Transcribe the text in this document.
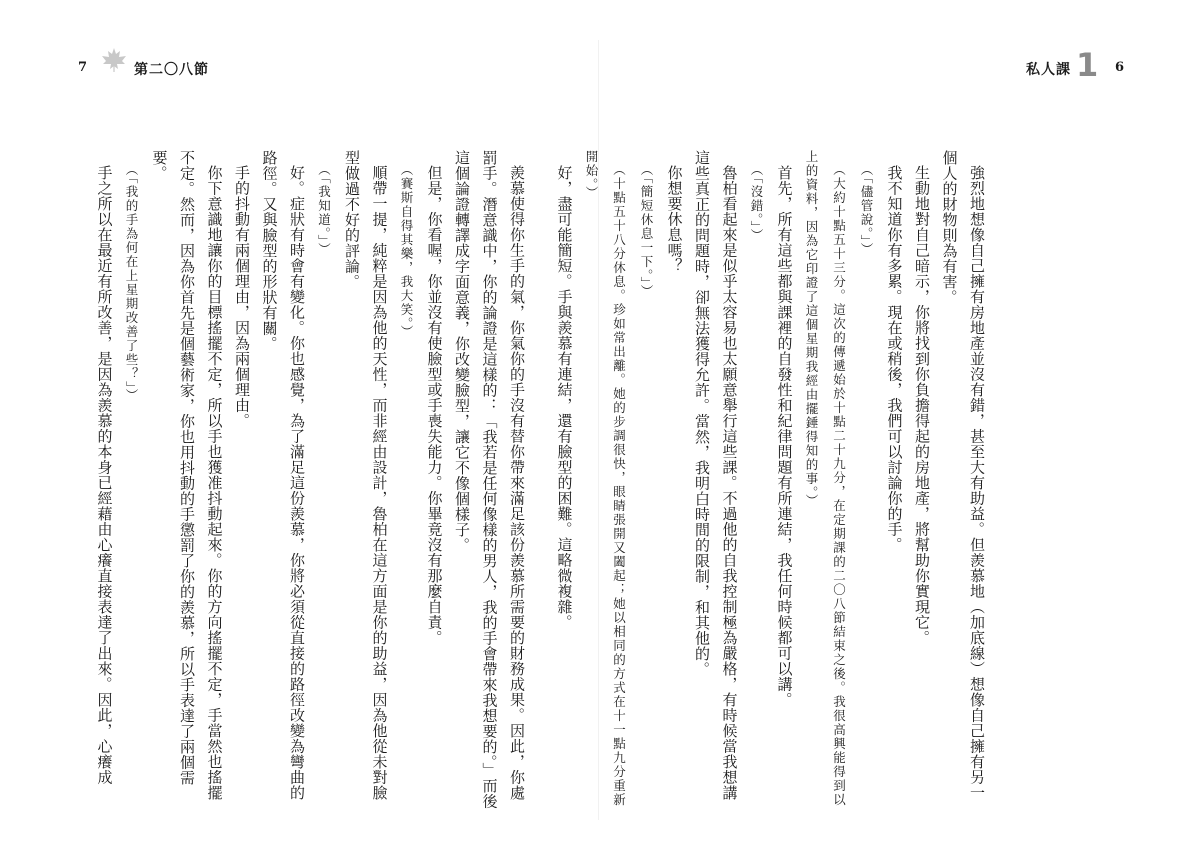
7	第二〇八節

羨慕使得你生手的氣，你氣你的手沒有替你帶來滿足該份羨慕所需要的財務成果。因此，你處罰手。潛意識中，你的論證是這樣的：「我若是任何像樣的男人，我的手會帶來我想要的。」而後這個論證轉譯成字面意義，你改變臉型，讓它不像個樣子。

但是，你看喔，你並沒有使臉型或手喪失能力。你畢竟沒有那麼自責。

（賽斯自得其樂，我大笑。）

順帶一提，純粹是因為他的天性，而非經由設計，魯柏在這方面是你的助益，因為他從未對臉型做過不好的評論。

（「我知道。」）

好。症狀有時會有變化。你也感覺，為了滿足這份羨慕，你將必須從直接的路徑改變為彎曲的路徑。又與臉型的形狀有關。

手的抖動有兩個理由，因為兩個理由。

你下意識地讓你的目標搖擺不定，所以手也獲准抖動起來。你的方向搖擺不定，手當然也搖擺不定。然而，因為你首先是個藝術家，你也用抖動的手懲罰了你的羨慕，所以手表達了兩個需要。

（「我的手為何在上星期改善了些？」）

手之所以在最近有所改善，是因為羨慕的本身已經藉由心癢直接表達了出來。因此，心癢成

私人課 1 6

強烈地想像自己擁有房地產並沒有錯，甚至大有助益。但羨慕地（加底線）想像自己擁有另一個人的財物則為有害。

生動地對自己暗示，你將找到你負擔得起的房地產，將幫助你實現它。

我不知道你有多累。現在或稍後，我們可以討論你的手。

（「儘管說。」）

（大約十點五十三分。這次的傳遞始於十點二十九分，在定期課的二〇八節結束之後。我很高興能得到以上的資料，因為它印證了這個星期我經由擺錘得知的事。）

首先，所有這些都與課裡的自發性和紀律問題有所連結，我任何時候都可以講。

（「沒錯。」）

魯柏看起來是似乎太容易也太願意舉行這些課。不過他的自我控制極為嚴格，有時候當我想講這些真正的問題時，卻無法獲得允許。當然，我明白時間的限制，和其他的。

你想要休息嗎？

（「簡短休息一下。」）

（十點五十八分休息。珍如常出離。她的步調很快，眼睛張開又闔起；她以相同的方式在十一點九分重新開始。）

好，盡可能簡短。手與羨慕有連結，還有臉型的困難。這略微複雜。
